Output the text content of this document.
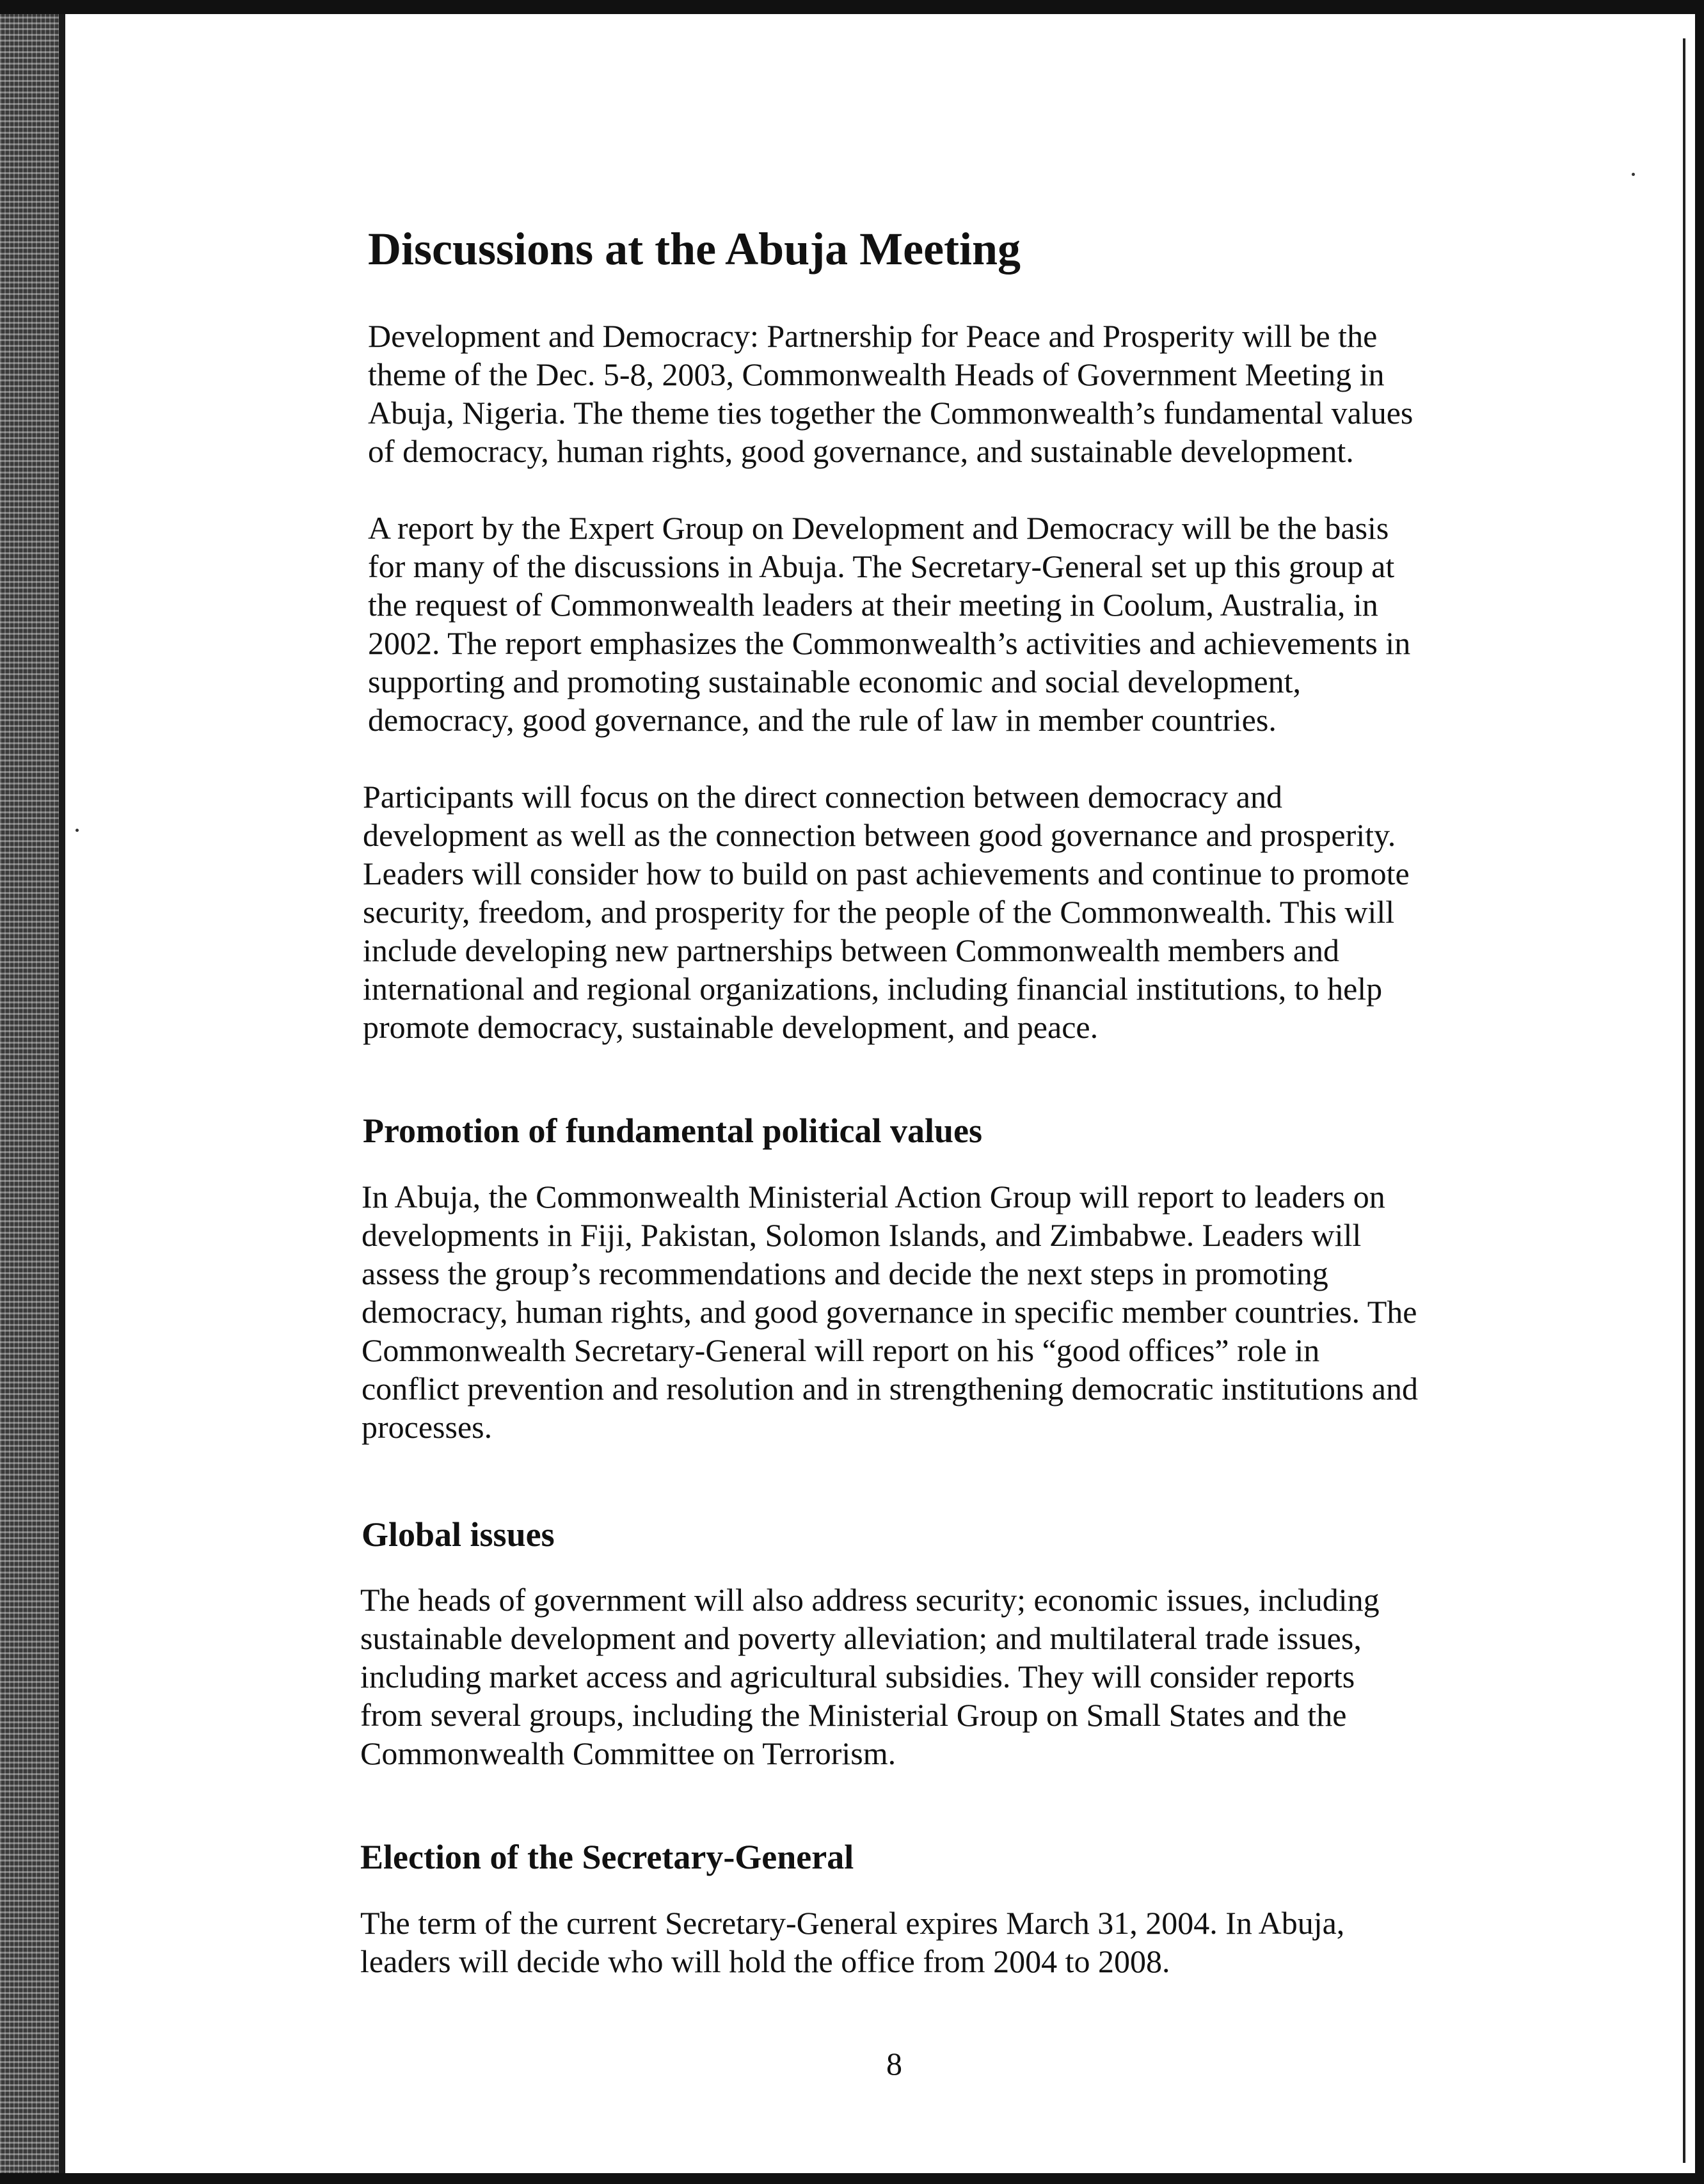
Discussions at the Abuja Meeting

Development and Democracy: Partnership for Peace and Prosperity will be the
theme of the Dec. 5-8, 2003, Commonwealth Heads of Government Meeting in
Abuja, Nigeria. The theme ties together the Commonwealth’s fundamental values
of democracy, human rights, good governance, and sustainable development.

A report by the Expert Group on Development and Democracy will be the basis
for many of the discussions in Abuja. The Secretary-General set up this group at
the request of Commonwealth leaders at their meeting in Coolum, Australia, in
2002. The report emphasizes the Commonwealth’s activities and achievements in
supporting and promoting sustainable economic and social development,
democracy, good governance, and the rule of law in member countries.

Participants will focus on the direct connection between democracy and
development as well as the connection between good governance and prosperity.
Leaders will consider how to build on past achievements and continue to promote
security, freedom, and prosperity for the people of the Commonwealth. This will
include developing new partnerships between Commonwealth members and
international and regional organizations, including financial institutions, to help
promote democracy, sustainable development, and peace.

Promotion of fundamental political values

In Abuja, the Commonwealth Ministerial Action Group will report to leaders on
developments in Fiji, Pakistan, Solomon Islands, and Zimbabwe. Leaders will
assess the group’s recommendations and decide the next steps in promoting
democracy, human rights, and good governance in specific member countries. The
Commonwealth Secretary-General will report on his “good offices” role in
conflict prevention and resolution and in strengthening democratic institutions and
processes.

Global issues

The heads of government will also address security; economic issues, including
sustainable development and poverty alleviation; and multilateral trade issues,
including market access and agricultural subsidies. They will consider reports
from several groups, including the Ministerial Group on Small States and the
Commonwealth Committee on Terrorism.

Election of the Secretary-General

The term of the current Secretary-General expires March 31, 2004. In Abuja,
leaders will decide who will hold the office from 2004 to 2008.

8
